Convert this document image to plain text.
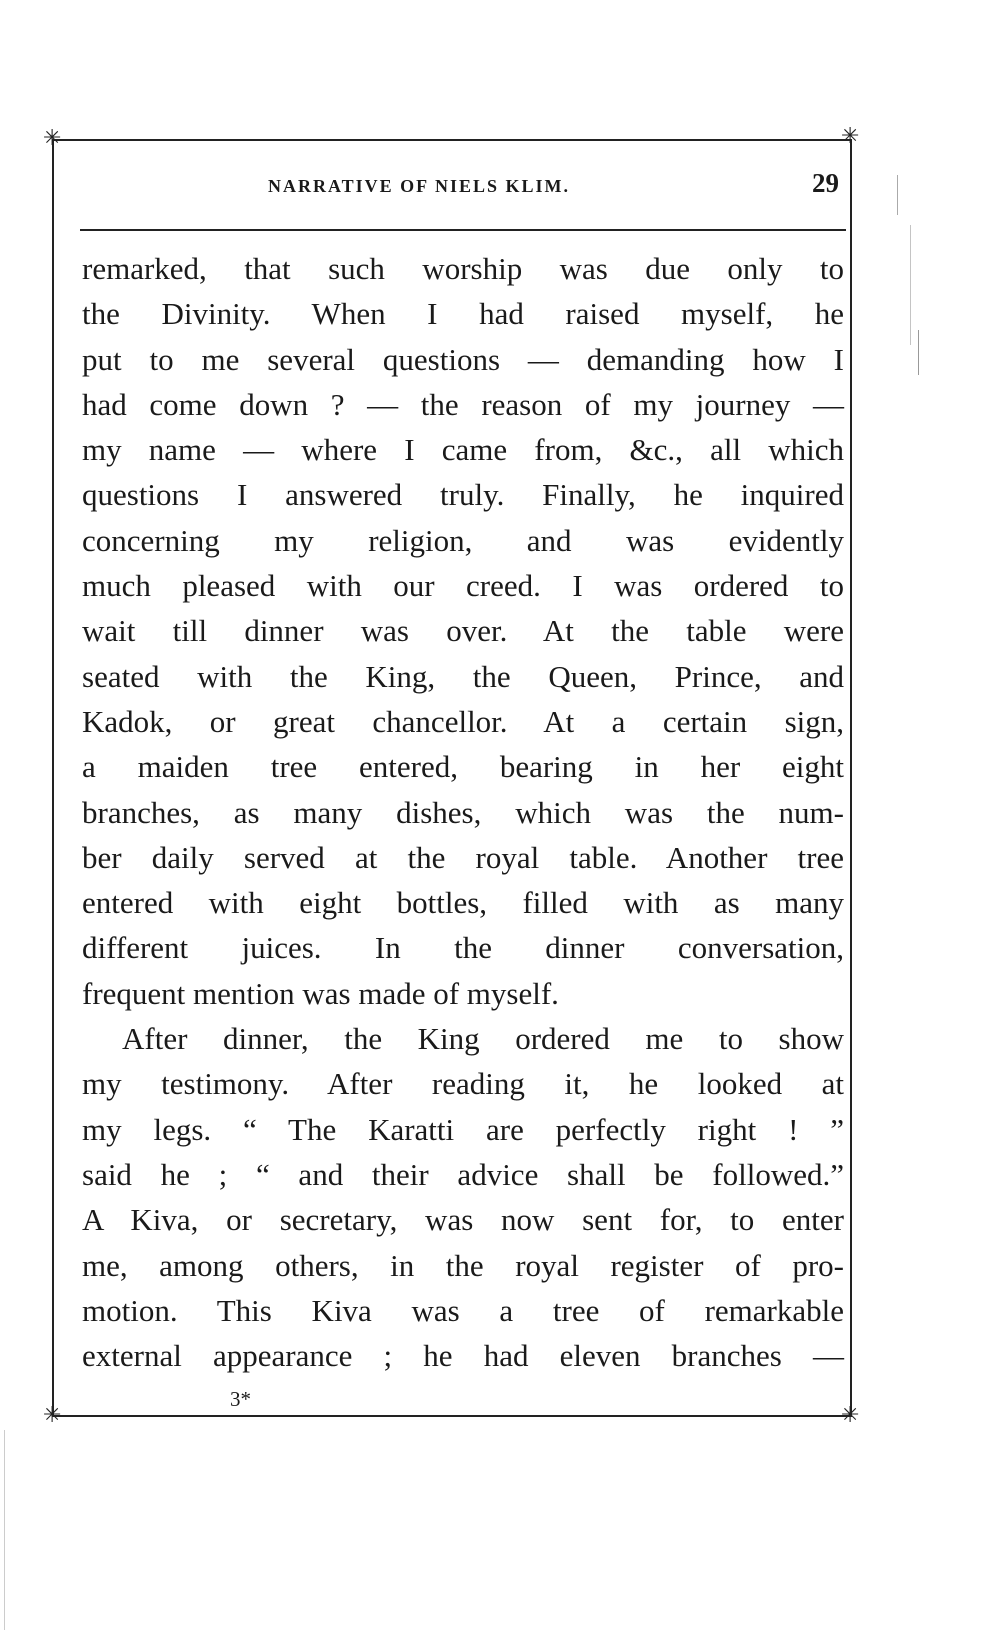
✳	✳
✳	✳
NARRATIVE OF NIELS KLIM.	29
remarked, that such worship was due only to
the Divinity. When I had raised myself, he
put to me several questions — demanding how I
had come down ? — the reason of my journey —
my name — where I came from, &c., all which
questions I answered truly. Finally, he inquired
concerning my religion, and was evidently
much pleased with our creed. I was ordered to
wait till dinner was over. At the table were
seated with the King, the Queen, Prince, and
Kadok, or great chancellor. At a certain sign,
a maiden tree entered, bearing in her eight
branches, as many dishes, which was the num-
ber daily served at the royal table. Another tree
entered with eight bottles, filled with as many
different juices. In the dinner conversation,
frequent mention was made of myself.
After dinner, the King ordered me to show
my testimony. After reading it, he looked at
my legs. “ The Karatti are perfectly right ! ”
said he ; “ and their advice shall be followed.”
A Kiva, or secretary, was now sent for, to enter
me, among others, in the royal register of pro-
motion. This Kiva was a tree of remarkable
external appearance ; he had eleven branches —
3*
